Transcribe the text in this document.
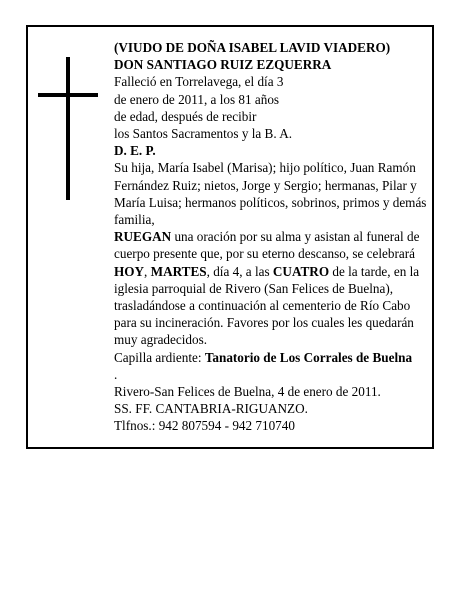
(VIUDO DE DOÑA ISABEL LAVID VIADERO)

DON SANTIAGO RUIZ EZQUERRA

Falleció en Torrelavega, el día 3

de enero de 2011, a los 81 años

de edad, después de recibir

los Santos Sacramentos y la B. A.

D. E. P.

Su hija, María Isabel (Marisa); hijo político, Juan Ramón Fernández Ruiz; nietos, Jorge y Sergio; hermanas, Pilar y María Luisa; hermanos políticos, sobrinos, primos y demás familia,

RUEGAN una oración por su alma y asistan al funeral de cuerpo presente que, por su eterno descanso, se celebrará HOY, MARTES, día 4, a las CUATRO de la tarde, en la iglesia parroquial de Rivero (San Felices de Buelna), trasladándose a continuación al cementerio de Río Cabo para su incineración. Favores por los cuales les quedarán muy agradecidos.

Capilla ardiente: Tanatorio de Los Corrales de Buelna

.

Rivero-San Felices de Buelna, 4 de enero de 2011.

SS. FF. CANTABRIA-RIGUANZO.

Tlfnos.: 942 807594 - 942 710740
